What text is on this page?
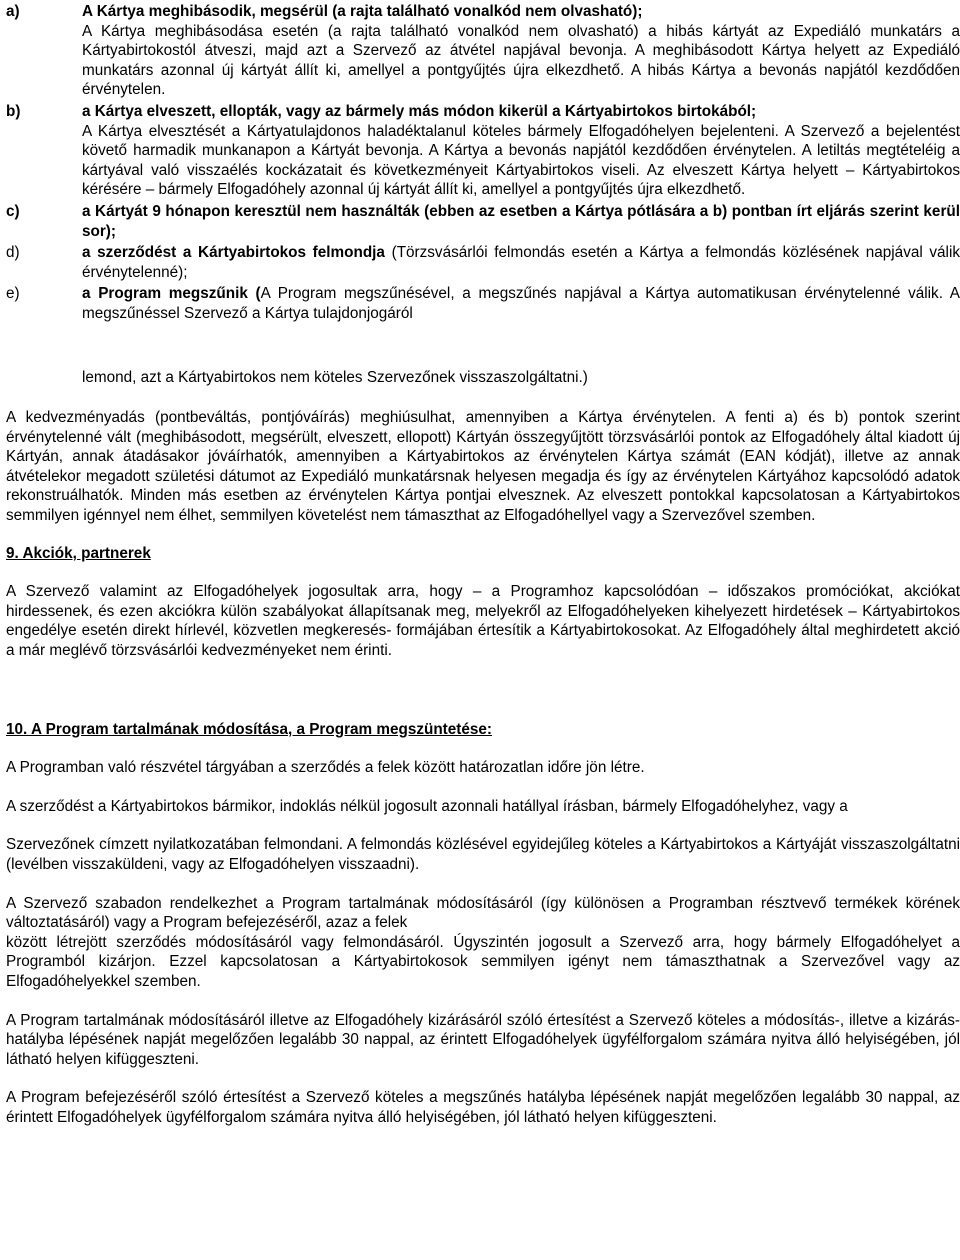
a)	A Kártya meghibásodik, megsérül (a rajta található vonalkód nem olvasható);
A Kártya meghibásodása esetén (a rajta található vonalkód nem olvasható) a hibás kártyát az Expediáló munkatárs a Kártyabirtokostól átveszi, majd azt a Szervező az átvétel napjával bevonja. A meghibásodott Kártya helyett az Expediáló munkatárs azonnal új kártyát állít ki, amellyel a pontgyűjtés újra elkezdhető. A hibás Kártya a bevonás napjától kezdődően érvénytelen.
b)	a Kártya elveszett, ellopták, vagy az bármely más módon kikerül a Kártyabirtokos birtokából;
A Kártya elvesztését a Kártyatulajdonos haladéktalanul köteles bármely Elfogadóhelyen bejelenteni. A Szervező a bejelentést követő harmadik munkanapon a Kártyát bevonja. A Kártya a bevonás napjától kezdődően érvénytelen. A letiltás megtételéig a kártyával való visszaélés kockázatait és következményeit Kártyabirtokos viseli. Az elveszett Kártya helyett – Kártyabirtokos kérésére – bármely Elfogadóhely azonnal új kártyát állít ki, amellyel a pontgyűjtés újra elkezdhető.
c)	a Kártyát 9 hónapon keresztül nem használták (ebben az esetben a Kártya pótlására a b) pontban írt eljárás szerint kerül sor);
d)	a szerződést a Kártyabirtokos felmondja (Törzsvásárlói felmondás esetén a Kártya a felmondás közlésének napjával válik érvénytelenné);
e)	a Program megszűnik (A Program megszűnésével, a megszűnés napjával a Kártya automatikusan érvénytelenné válik. A megszűnéssel Szervező a Kártya tulajdonjogáról
lemond, azt a Kártyabirtokos nem köteles Szervezőnek visszaszolgáltatni.)

A kedvezményadás (pontbeváltás, pontjóváírás) meghiúsulhat, amennyiben a Kártya érvénytelen. A fenti a) és b) pontok szerint érvénytelenné vált (meghibásodott, megsérült, elveszett, ellopott) Kártyán összegyűjtött törzsvásárlói pontok az Elfogadóhely által kiadott új Kártyán, annak átadásakor jóváírhatók, amennyiben a Kártyabirtokos az érvénytelen Kártya számát (EAN kódját), illetve az annak átvételekor megadott születési dátumot az Expediáló munkatársnak helyesen megadja és így az érvénytelen Kártyához kapcsolódó adatok rekonstruálhatók. Minden más esetben az érvénytelen Kártya pontjai elvesznek. Az elveszett pontokkal kapcsolatosan a Kártyabirtokos semmilyen igénnyel nem élhet, semmilyen követelést nem támaszthat az Elfogadóhellyel vagy a Szervezővel szemben.

9. Akciók, partnerek

A Szervező valamint az Elfogadóhelyek jogosultak arra, hogy – a Programhoz kapcsolódóan – időszakos promóciókat, akciókat hirdessenek, és ezen akciókra külön szabályokat állapítsanak meg, melyekről az Elfogadóhelyeken kihelyezett hirdetések – Kártyabirtokos engedélye esetén direkt hírlevél, közvetlen megkeresés- formájában értesítik a Kártyabirtokosokat. Az Elfogadóhely által meghirdetett akció a már meglévő törzsvásárlói kedvezményeket nem érinti.

10. A Program tartalmának módosítása, a Program megszüntetése:

A Programban való részvétel tárgyában a szerződés a felek között határozatlan időre jön létre.

A szerződést a Kártyabirtokos bármikor, indoklás nélkül jogosult azonnali hatállyal írásban, bármely Elfogadóhelyhez, vagy a

Szervezőnek címzett nyilatkozatában felmondani. A felmondás közlésével egyidejűleg köteles a Kártyabirtokos a Kártyáját visszaszolgáltatni (levélben visszaküldeni, vagy az Elfogadóhelyen visszaadni).

A Szervező szabadon rendelkezhet a Program tartalmának módosításáról (így különösen a Programban résztvevő termékek körének változtatásáról) vagy a Program befejezéséről, azaz a felek

között létrejött szerződés módosításáról vagy felmondásáról. Úgyszintén jogosult a Szervező arra, hogy bármely Elfogadóhelyet a Programból kizárjon. Ezzel kapcsolatosan a Kártyabirtokosok semmilyen igényt nem támaszthatnak a Szervezővel vagy az Elfogadóhelyekkel szemben.

A Program tartalmának módosításáról illetve az Elfogadóhely kizárásáról szóló értesítést a Szervező köteles a módosítás-, illetve a kizárás- hatályba lépésének napját megelőzően legalább 30 nappal, az érintett Elfogadóhelyek ügyfélforgalom számára nyitva álló helyiségében, jól látható helyen kifüggeszteni.

A Program befejezéséről szóló értesítést a Szervező köteles a megszűnés hatályba lépésének napját megelőzően legalább 30 nappal, az érintett Elfogadóhelyek ügyfélforgalom számára nyitva álló helyiségében, jól látható helyen kifüggeszteni.
